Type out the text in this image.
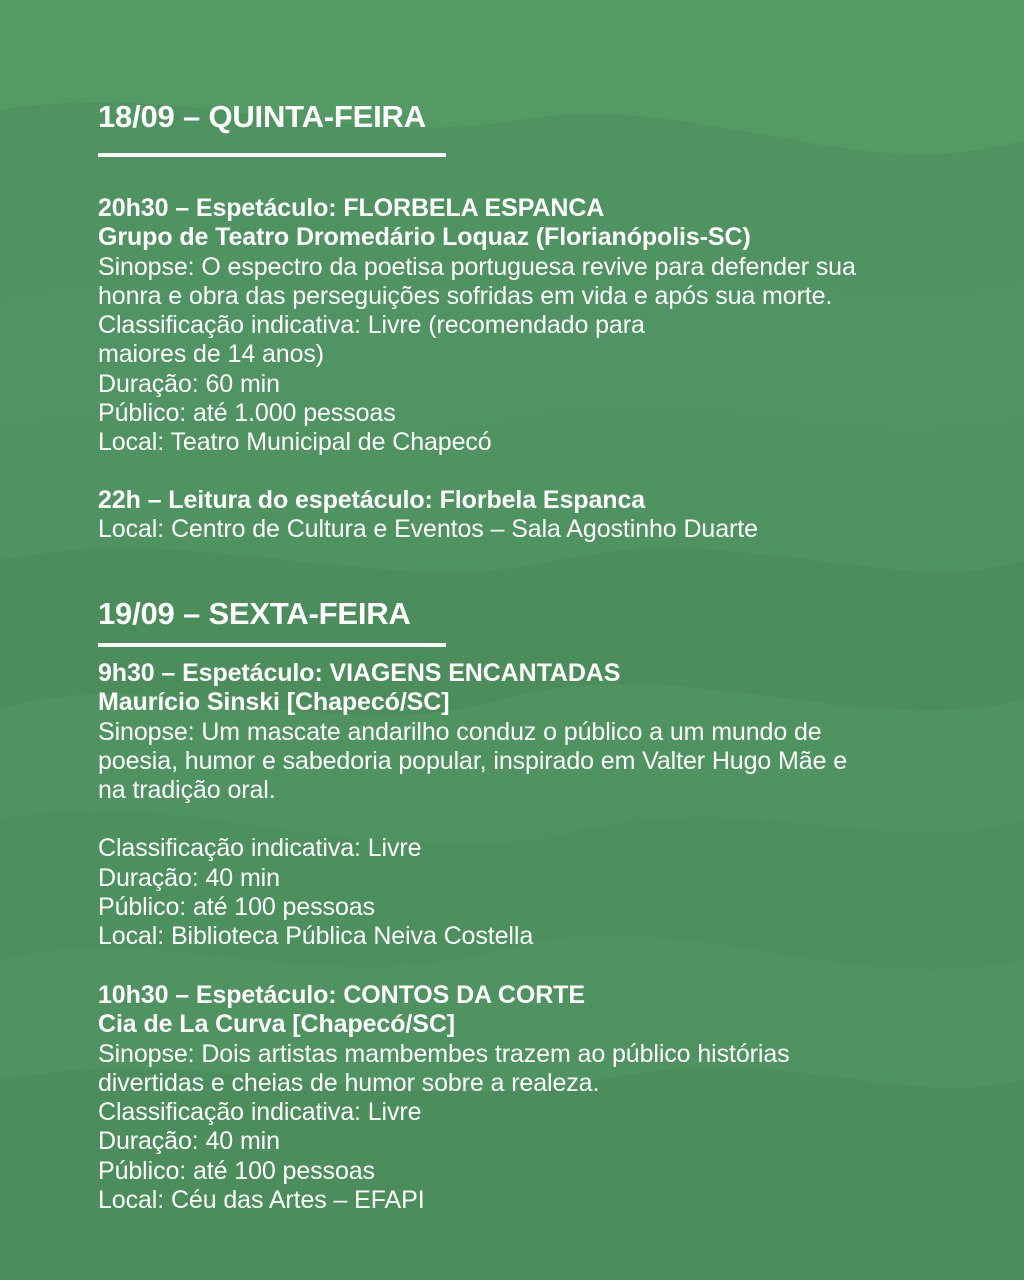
18/09 – QUINTA-FEIRA
20h30 – Espetáculo: FLORBELA ESPANCA
Grupo de Teatro Dromedário Loquaz (Florianópolis-SC)
Sinopse: O espectro da poetisa portuguesa revive para defender sua
honra e obra das perseguições sofridas em vida e após sua morte.
Classificação indicativa: Livre (recomendado para
maiores de 14 anos)
Duração: 60 min
Público: até 1.000 pessoas
Local: Teatro Municipal de Chapecó
22h – Leitura do espetáculo: Florbela Espanca
Local: Centro de Cultura e Eventos – Sala Agostinho Duarte
19/09 – SEXTA-FEIRA
9h30 – Espetáculo: VIAGENS ENCANTADAS
Maurício Sinski [Chapecó/SC]
Sinopse: Um mascate andarilho conduz o público a um mundo de
poesia, humor e sabedoria popular, inspirado em Valter Hugo Mãe e
na tradição oral.
Classificação indicativa: Livre
Duração: 40 min
Público: até 100 pessoas
Local: Biblioteca Pública Neiva Costella
10h30 – Espetáculo: CONTOS DA CORTE
Cia de La Curva [Chapecó/SC]
Sinopse: Dois artistas mambembes trazem ao público histórias
divertidas e cheias de humor sobre a realeza.
Classificação indicativa: Livre
Duração: 40 min
Público: até 100 pessoas
Local: Céu das Artes – EFAPI
